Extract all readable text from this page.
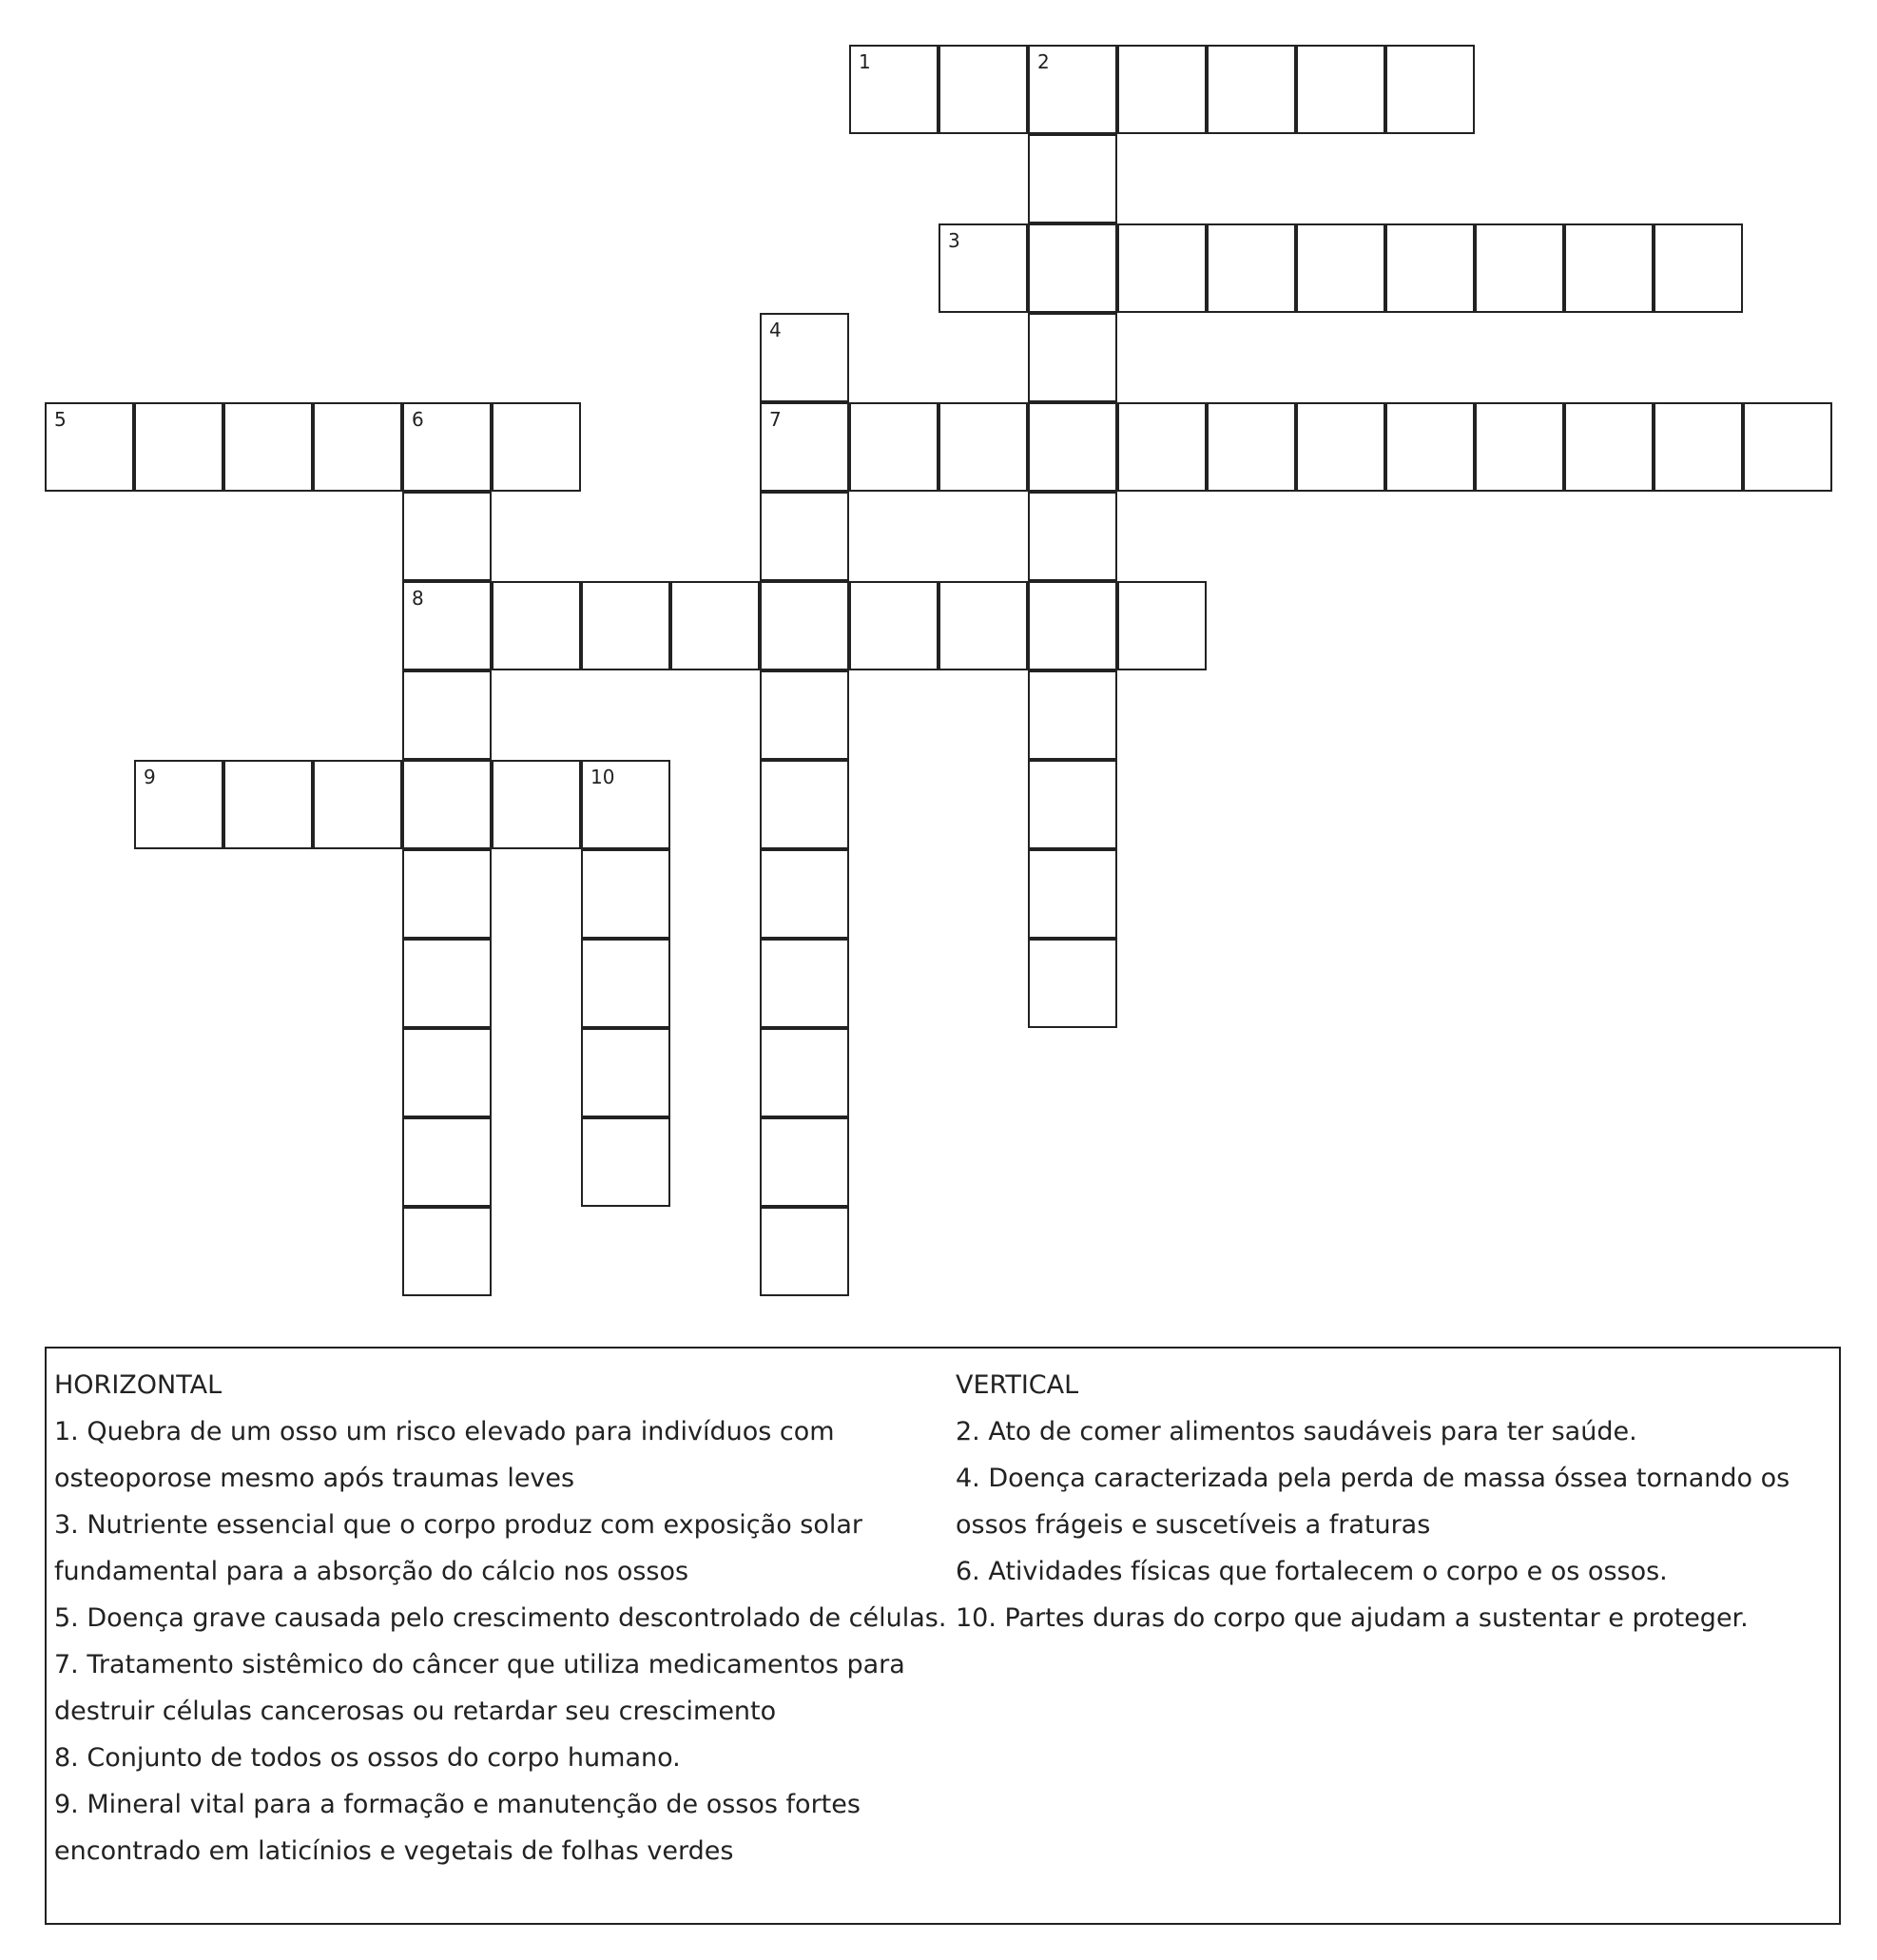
1	2
3
4
5	6	7
8
9	10
HORIZONTAL
1. Quebra de um osso um risco elevado para indivíduos com osteoporose mesmo após traumas leves
3. Nutriente essencial que o corpo produz com exposição solar fundamental para a absorção do cálcio nos ossos
5. Doença grave causada pelo crescimento descontrolado de células.
7. Tratamento sistêmico do câncer que utiliza medicamentos para destruir células cancerosas ou retardar seu crescimento
8. Conjunto de todos os ossos do corpo humano.
9. Mineral vital para a formação e manutenção de ossos fortes encontrado em laticínios e vegetais de folhas verdes
VERTICAL
2. Ato de comer alimentos saudáveis para ter saúde.
4. Doença caracterizada pela perda de massa óssea tornando os ossos frágeis e suscetíveis a fraturas
6. Atividades físicas que fortalecem o corpo e os ossos.
10. Partes duras do corpo que ajudam a sustentar e proteger.
